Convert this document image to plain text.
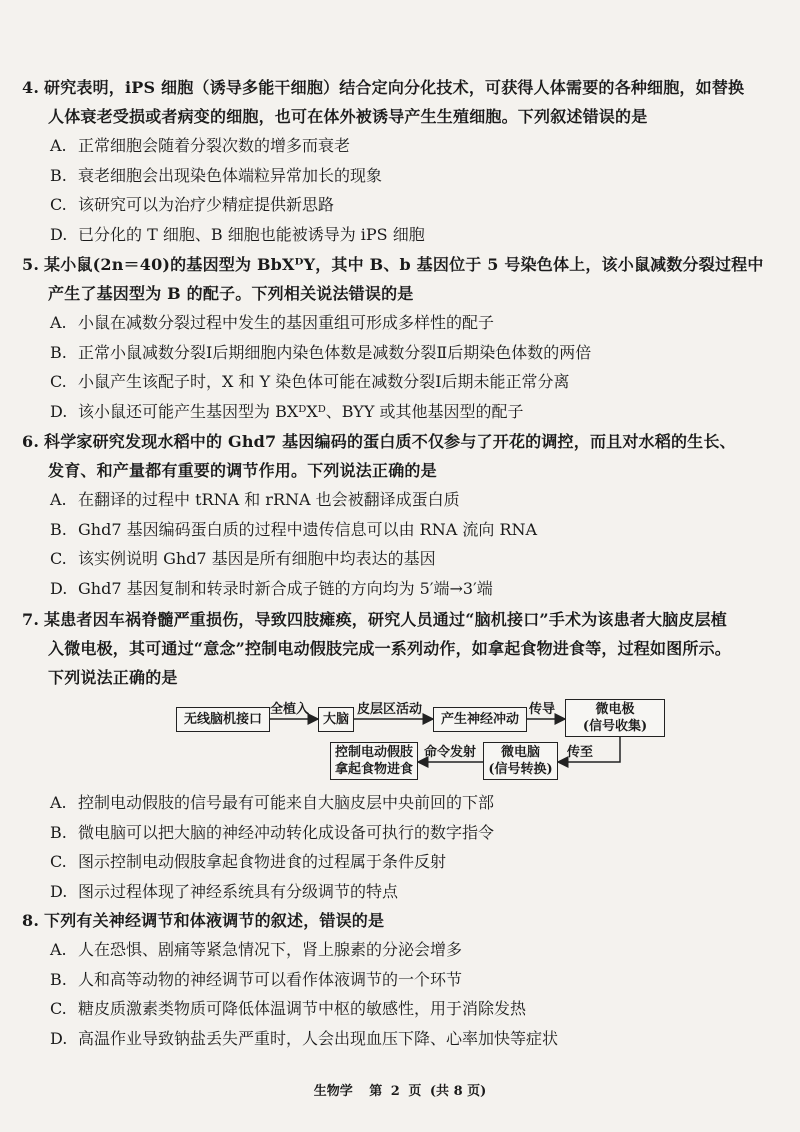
4. 研究表明，iPS 细胞（诱导多能干细胞）结合定向分化技术，可获得人体需要的各种细胞，如替换
人体衰老受损或者病变的细胞，也可在体外被诱导产生生殖细胞。下列叙述错误的是
A. 正常细胞会随着分裂次数的增多而衰老
B. 衰老细胞会出现染色体端粒异常加长的现象
C. 该研究可以为治疗少精症提供新思路
D. 已分化的 T 细胞、B 细胞也能被诱导为 iPS 细胞
5. 某小鼠(2n＝40)的基因型为 BbXᴰY，其中 B、b 基因位于 5 号染色体上，该小鼠减数分裂过程中
产生了基因型为 B 的配子。下列相关说法错误的是
A. 小鼠在减数分裂过程中发生的基因重组可形成多样性的配子
B. 正常小鼠减数分裂Ⅰ后期细胞内染色体数是减数分裂Ⅱ后期染色体数的两倍
C. 小鼠产生该配子时，X 和 Y 染色体可能在减数分裂Ⅰ后期未能正常分离
D. 该小鼠还可能产生基因型为 BXᴰXᴰ、BYY 或其他基因型的配子
6. 科学家研究发现水稻中的 Ghd7 基因编码的蛋白质不仅参与了开花的调控，而且对水稻的生长、
发育、和产量都有重要的调节作用。下列说法正确的是
A. 在翻译的过程中 tRNA 和 rRNA 也会被翻译成蛋白质
B. Ghd7 基因编码蛋白质的过程中遗传信息可以由 RNA 流向 RNA
C. 该实例说明 Ghd7 基因是所有细胞中均表达的基因
D. Ghd7 基因复制和转录时新合成子链的方向均为 5′端→3′端
7. 某患者因车祸脊髓严重损伤，导致四肢瘫痪，研究人员通过“脑机接口”手术为该患者大脑皮层植
入微电极，其可通过“意念”控制电动假肢完成一系列动作，如拿起食物进食等，过程如图所示。
下列说法正确的是
无线脑机接口	大脑	产生神经冲动
微电极
(信号收集)
微电脑
(信号转换)
控制电动假肢
拿起食物进食
全植入	皮层区活动	传导
传至
命令发射
A. 控制电动假肢的信号最有可能来自大脑皮层中央前回的下部
B. 微电脑可以把大脑的神经冲动转化成设备可执行的数字指令
C. 图示控制电动假肢拿起食物进食的过程属于条件反射
D. 图示过程体现了神经系统具有分级调节的特点
8. 下列有关神经调节和体液调节的叙述，错误的是
A. 人在恐惧、剧痛等紧急情况下，肾上腺素的分泌会增多
B. 人和高等动物的神经调节可以看作体液调节的一个环节
C. 糖皮质激素类物质可降低体温调节中枢的敏感性，用于消除发热
D. 高温作业导致钠盐丢失严重时，人会出现血压下降、心率加快等症状
生物学 第 2 页 (共 8 页)
